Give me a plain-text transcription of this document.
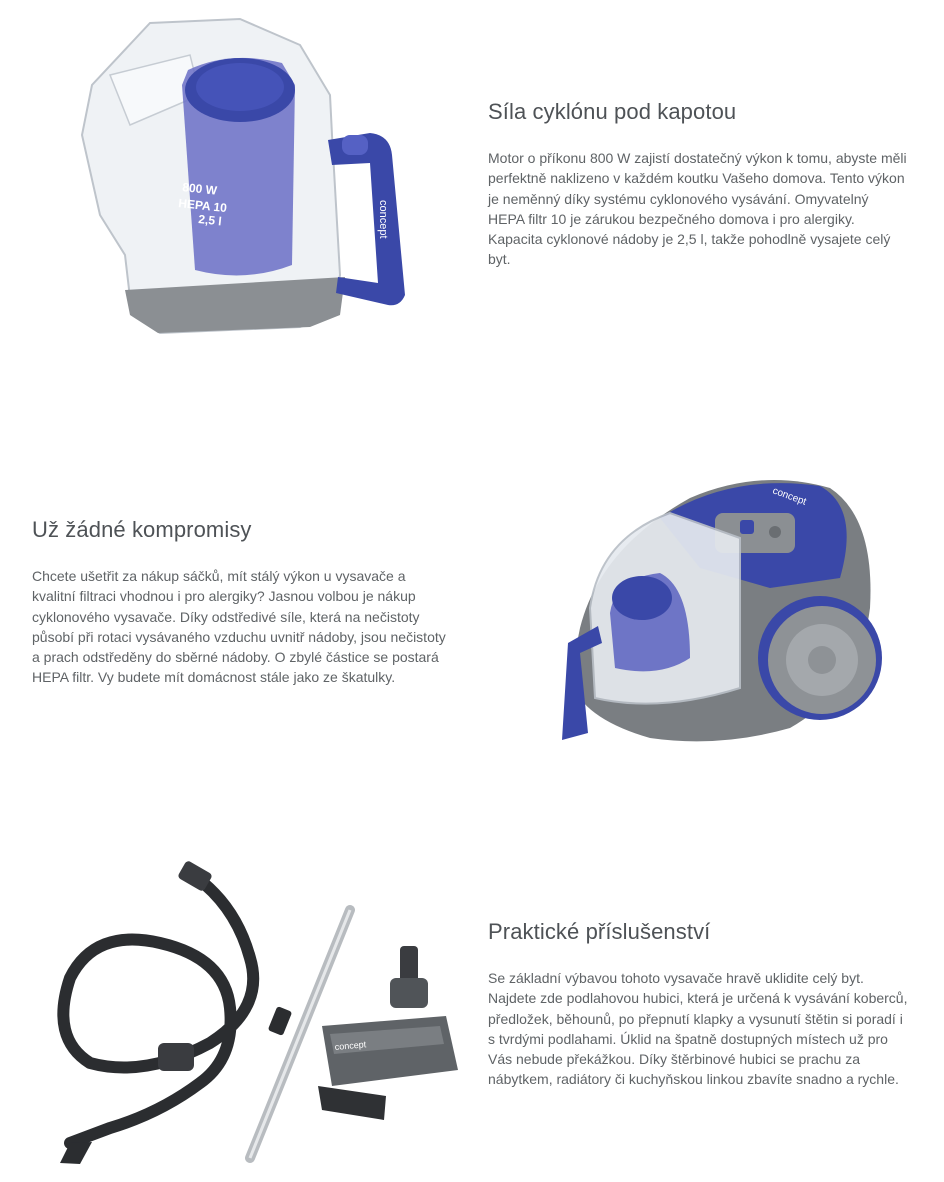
800 W
HEPA 10
2,5 l	concept
Síla cyklónu pod kapotou

Motor o příkonu 800 W zajistí dostatečný výkon k tomu, abyste měli perfektně naklizeno v každém koutku Vašeho domova. Tento výkon je neměnný díky systému cyklonového vysávání. Omyvatelný HEPA filtr 10 je zárukou bezpečného domova i pro alergiky. Kapacita cyklonové nádoby je 2,5 l, takže pohodlně vysajete celý byt.

Už žádné kompromisy

Chcete ušetřit za nákup sáčků, mít stálý výkon u vysavače a kvalitní filtraci vhodnou i pro alergiky? Jasnou volbou je nákup cyklonového vysavače. Díky odstředivé síle, která na nečistoty působí při rotaci vysávaného vzduchu uvnitř nádoby, jsou nečistoty a prach odstředěny do sběrné nádoby. O zbylé částice se postará HEPA filtr. Vy budete mít domácnost stále jako ze škatulky.

concept
concept
Praktické příslušenství

Se základní výbavou tohoto vysavače hravě ukliditе celý byt. Najdete zde podlahovou hubici, která je určená k vysávání koberců, předložek, běhounů, po přepnutí klapky a vysunutí štětin si poradí i s tvrdými podlahami. Úklid na špatně dostupných místech už pro Vás nebude překážkou. Díky štěrbinové hubici se prachu za nábytkem, radiátory či kuchyňskou linkou zbavíte snadno a rychle.
